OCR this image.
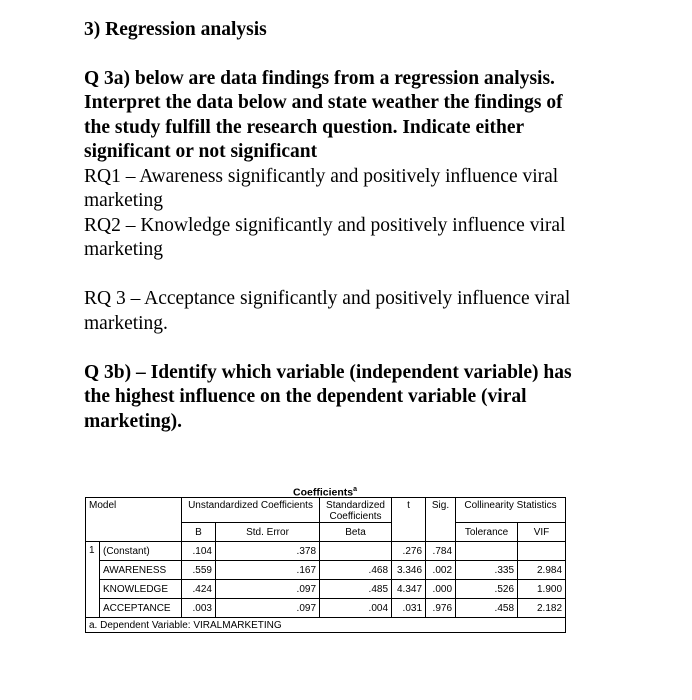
3) Regression analysis

Q 3a) below are data findings from a regression analysis.

Interpret the data below and state weather the findings of

the study fulfill the research question. Indicate either

significant or not significant

RQ1 – Awareness significantly and positively influence viral

marketing

RQ2 – Knowledge significantly and positively influence viral

marketing

RQ 3 – Acceptance significantly and positively influence viral

marketing.

Q 3b) – Identify which variable (independent variable) has

the highest influence on the dependent variable (viral

marketing).

Coefficients$^a$
Model		Unstandardized Coefficients		Standardized Coefficients	t	Sig.	Collinearity Statistics	
		B	Std. Error	Beta			Tolerance	VIF
1	(Constant)	.104	.378		.276	.784		
	AWARENESS	.559	.167	.468	3.346	.002	.335	2.984
	KNOWLEDGE	.424	.097	.485	4.347	.000	.526	1.900
	ACCEPTANCE	.003	.097	.004	.031	.976	.458	2.182
a. Dependent Variable: VIRALMARKETING								
